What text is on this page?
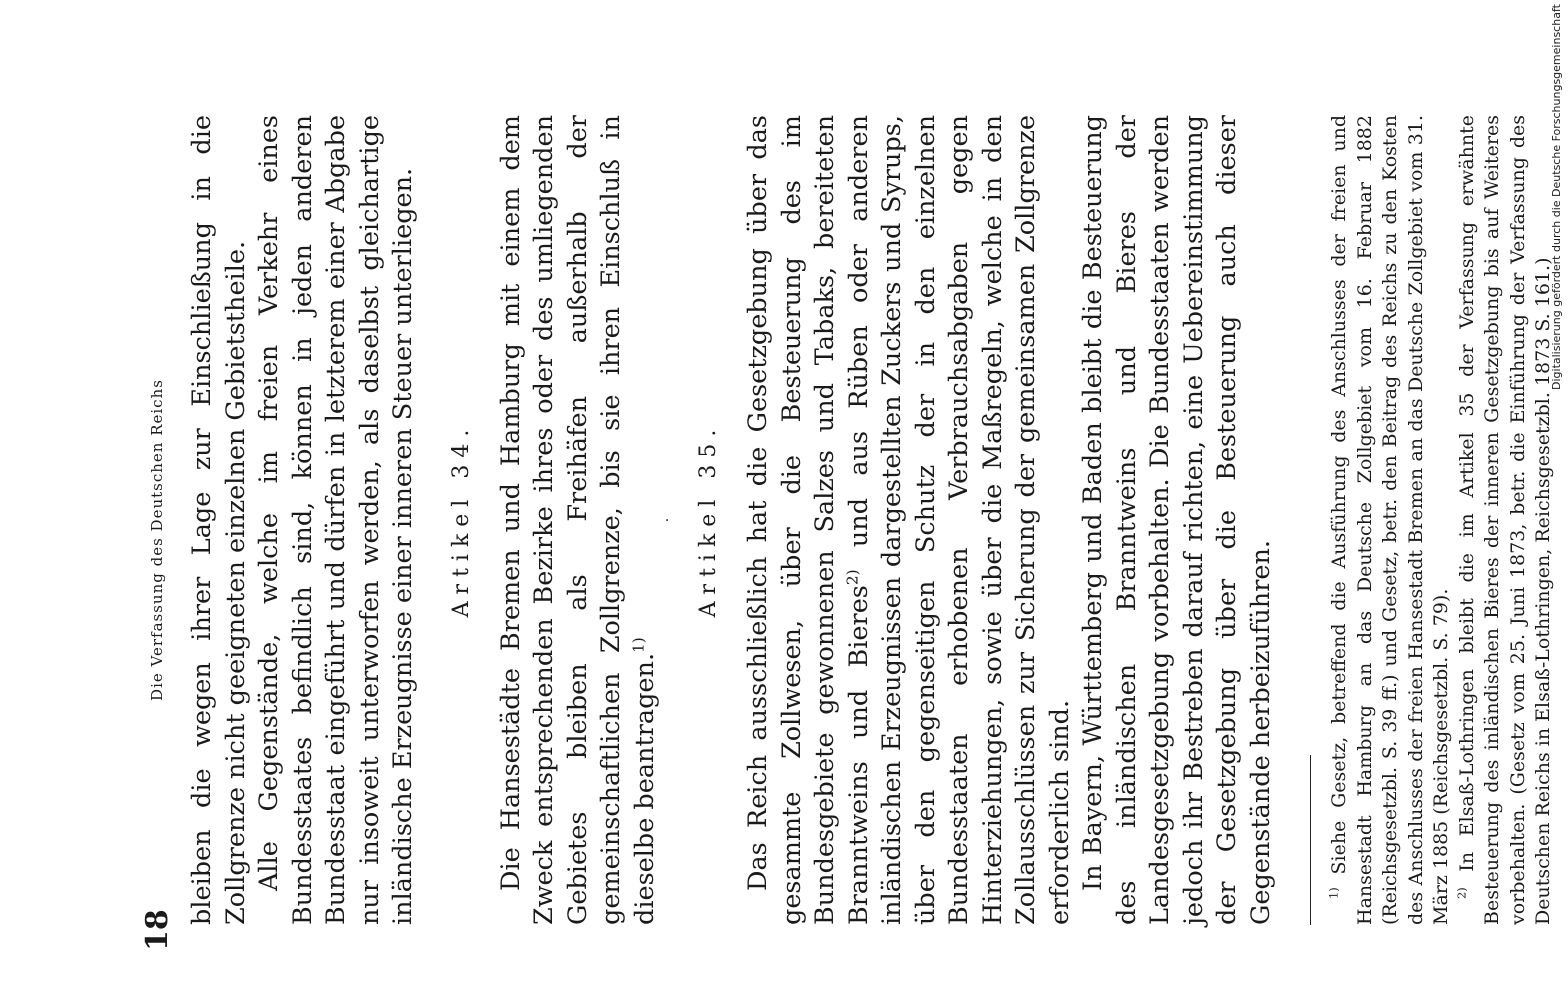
18
Die Verfassung des Deutschen Reichs bleiben die wegen ihrer Lage zur Einschließung in die Zollgrenze nicht geeigneten einzelnen Gebietstheile. Alle Gegenstände, welche im freien Verkehr eines Bundesstaates befindlich sind, können in jeden anderen Bundesstaat eingeführt und dürfen in letzterem einer Abgabe nur insoweit unterworfen werden, als daselbst gleichartige inländische Erzeugnisse einer inneren Steuer unterliegen. Artikel 34. Die Hansestädte Bremen und Hamburg mit einem dem Zweck entsprechenden Bezirke ihres oder des umliegenden Gebietes bleiben als Freihäfen außerhalb der gemeinschaftlichen Zollgrenze, bis sie ihren Einschluß in dieselbe beantragen.$^{1)}$

· Artikel 35. Das Reich ausschließlich hat die Gesetzgebung über das gesammte Zollwesen, über die Besteuerung des im Bundesgebiete gewonnenen Salzes und Tabaks, bereiteten Branntweins und Bieres$^{2)}$ und aus Rüben oder anderen inländischen Erzeugnissen dargestellten Zuckers und Syrups, über den gegenseitigen Schutz der in den einzelnen Bundesstaaten erhobenen Verbrauchsabgaben gegen Hinterziehungen, sowie über die Maßregeln, welche in den Zollausschlüssen zur Sicherung der gemeinsamen Zollgrenze erforderlich sind. In Bayern, Württemberg und Baden bleibt die Besteuerung des inländischen Branntweins und Bieres der Landesgesetzgebung vorbehalten. Die Bundesstaaten werden jedoch ihr Bestreben darauf richten, eine Uebereinstimmung der Gesetzgebung über die Besteuerung auch dieser Gegenstände herbeizuführen.	$^{1)}$ Siehe Gesetz, betreffend die Ausführung des Anschlusses der freien und Hansestadt Hamburg an das Deutsche Zollgebiet vom 16. Februar 1882 (Reichsgesetzbl. S. 39 ff.) und Gesetz, betr. den Beitrag des Reichs zu den Kosten des Anschlusses der freien Hansestadt Bremen an das Deutsche Zollgebiet vom 31. März 1885 (Reichsgesetzbl. S. 79). $^{2)}$ In Elsaß-Lothringen bleibt die im Artikel 35 der Verfassung erwähnte Besteuerung des inländischen Bieres der inneren Gesetzgebung bis auf Weiteres vorbehalten. (Gesetz vom 25. Juni 1873, betr. die Einführung der Verfassung des Deutschen Reichs in Elsaß-Lothringen, Reichsgesetzbl. 1873 S. 161.)

Digitalisierung gefördert durch die Deutsche Forschungsgemeinschaft
